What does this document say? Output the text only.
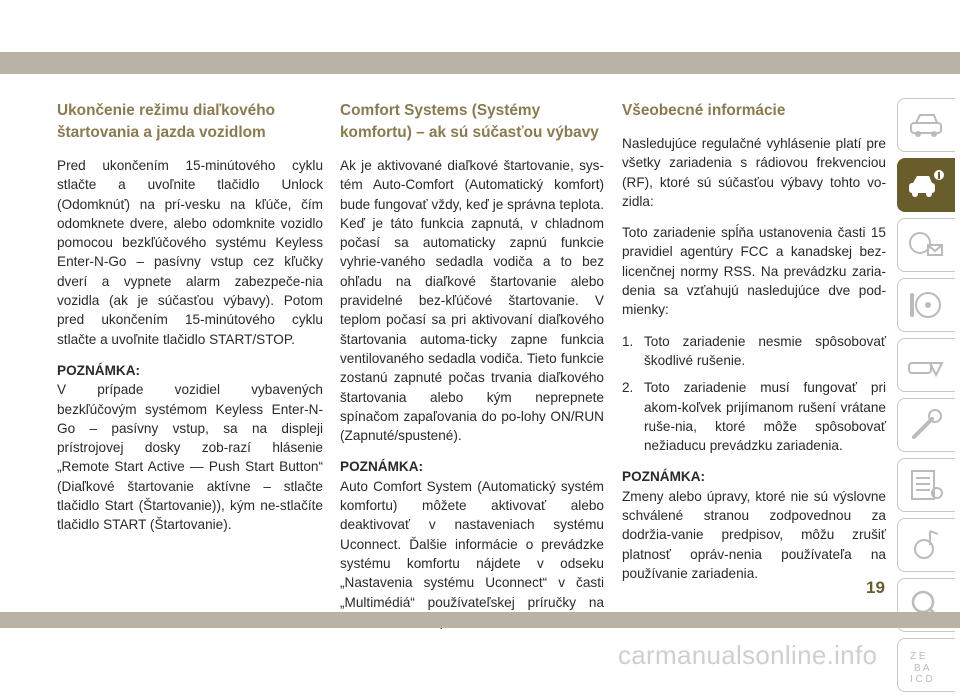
Ukončenie režimu diaľkového štartovania a jazda vozidlom

Pred ukončením 15-minútového cyklu stlačte a uvoľnite tlačidlo Unlock (Odomknúť) na prí-vesku na kľúče, čím odomknete dvere, alebo odomknite vozidlo pomocou bezkľúčového systému Keyless Enter-N-Go – pasívny vstup cez kľučky dverí a vypnete alarm zabezpeče-nia vozidla (ak je súčasťou výbavy). Potom pred ukončením 15-minútového cyklu stlačte a uvoľnite tlačidlo START/STOP.

POZNÁMKA:
V prípade vozidiel vybavených bezkľúčovým systémom Keyless Enter-N-Go – pasívny vstup, sa na displeji prístrojovej dosky zob-razí hlásenie „Remote Start Active — Push Start Button“ (Diaľkové štartovanie aktívne – stlačte tlačidlo Start (Štartovanie)), kým ne-stlačíte tlačidlo START (Štartovanie).
Comfort Systems (Systémy komfortu) – ak sú súčasťou výbavy

Ak je aktivované diaľkové štartovanie, sys-tém Auto-Comfort (Automatický komfort) bude fungovať vždy, keď je správna teplota. Keď je táto funkcia zapnutá, v chladnom počasí sa automaticky zapnú funkcie vyhrie-vaného sedadla vodiča a to bez ohľadu na diaľkové štartovanie alebo pravidelné bez-kľúčové štartovanie. V teplom počasí sa pri aktivovaní diaľkového štartovania automa-ticky zapne funkcia ventilovaného sedadla vodiča. Tieto funkcie zostanú zapnuté počas trvania diaľkového štartovania alebo kým neprepnete spínačom zapaľovania do po-lohy ON/RUN (Zapnuté/spustené).

POZNÁMKA:
Auto Comfort System (Automatický systém komfortu) môžete aktivovať alebo deaktivovať v nastaveniach systému Uconnect. Ďalšie informácie o prevádzke systému komfortu nájdete v odseku „Nastavenia systému Uconnect“ v časti „Multimédiá“ používateľskej príručky na
Všeobecné informácie

Nasledujúce regulačné vyhlásenie platí pre všetky zariadenia s rádiovou frekvenciou (RF), ktoré sú súčasťou výbavy tohto vo-zidla:

Toto zariadenie spĺňa ustanovenia časti 15 pravidiel agentúry FCC a kanadskej bez-licenčnej normy RSS. Na prevádzku zaria-denia sa vzťahujú nasledujúce dve pod-mienky:

1. Toto zariadenie nesmie spôsobovať škodlivé rušenie.
2. Toto zariadenie musí fungovať pri akom-koľvek prijímanom rušení vrátane ruše-nia, ktoré môže spôsobovať nežiaducu prevádzku zariadenia.
POZNÁMKA:
Zmeny alebo úpravy, ktoré nie sú výslovne schválené stranou zodpovednou za dodržia-vanie predpisov, môžu zrušiť platnosť opráv-nenia používateľa na používanie zariadenia.
Z E
B A
I C D
19
carmanualsonline.info
